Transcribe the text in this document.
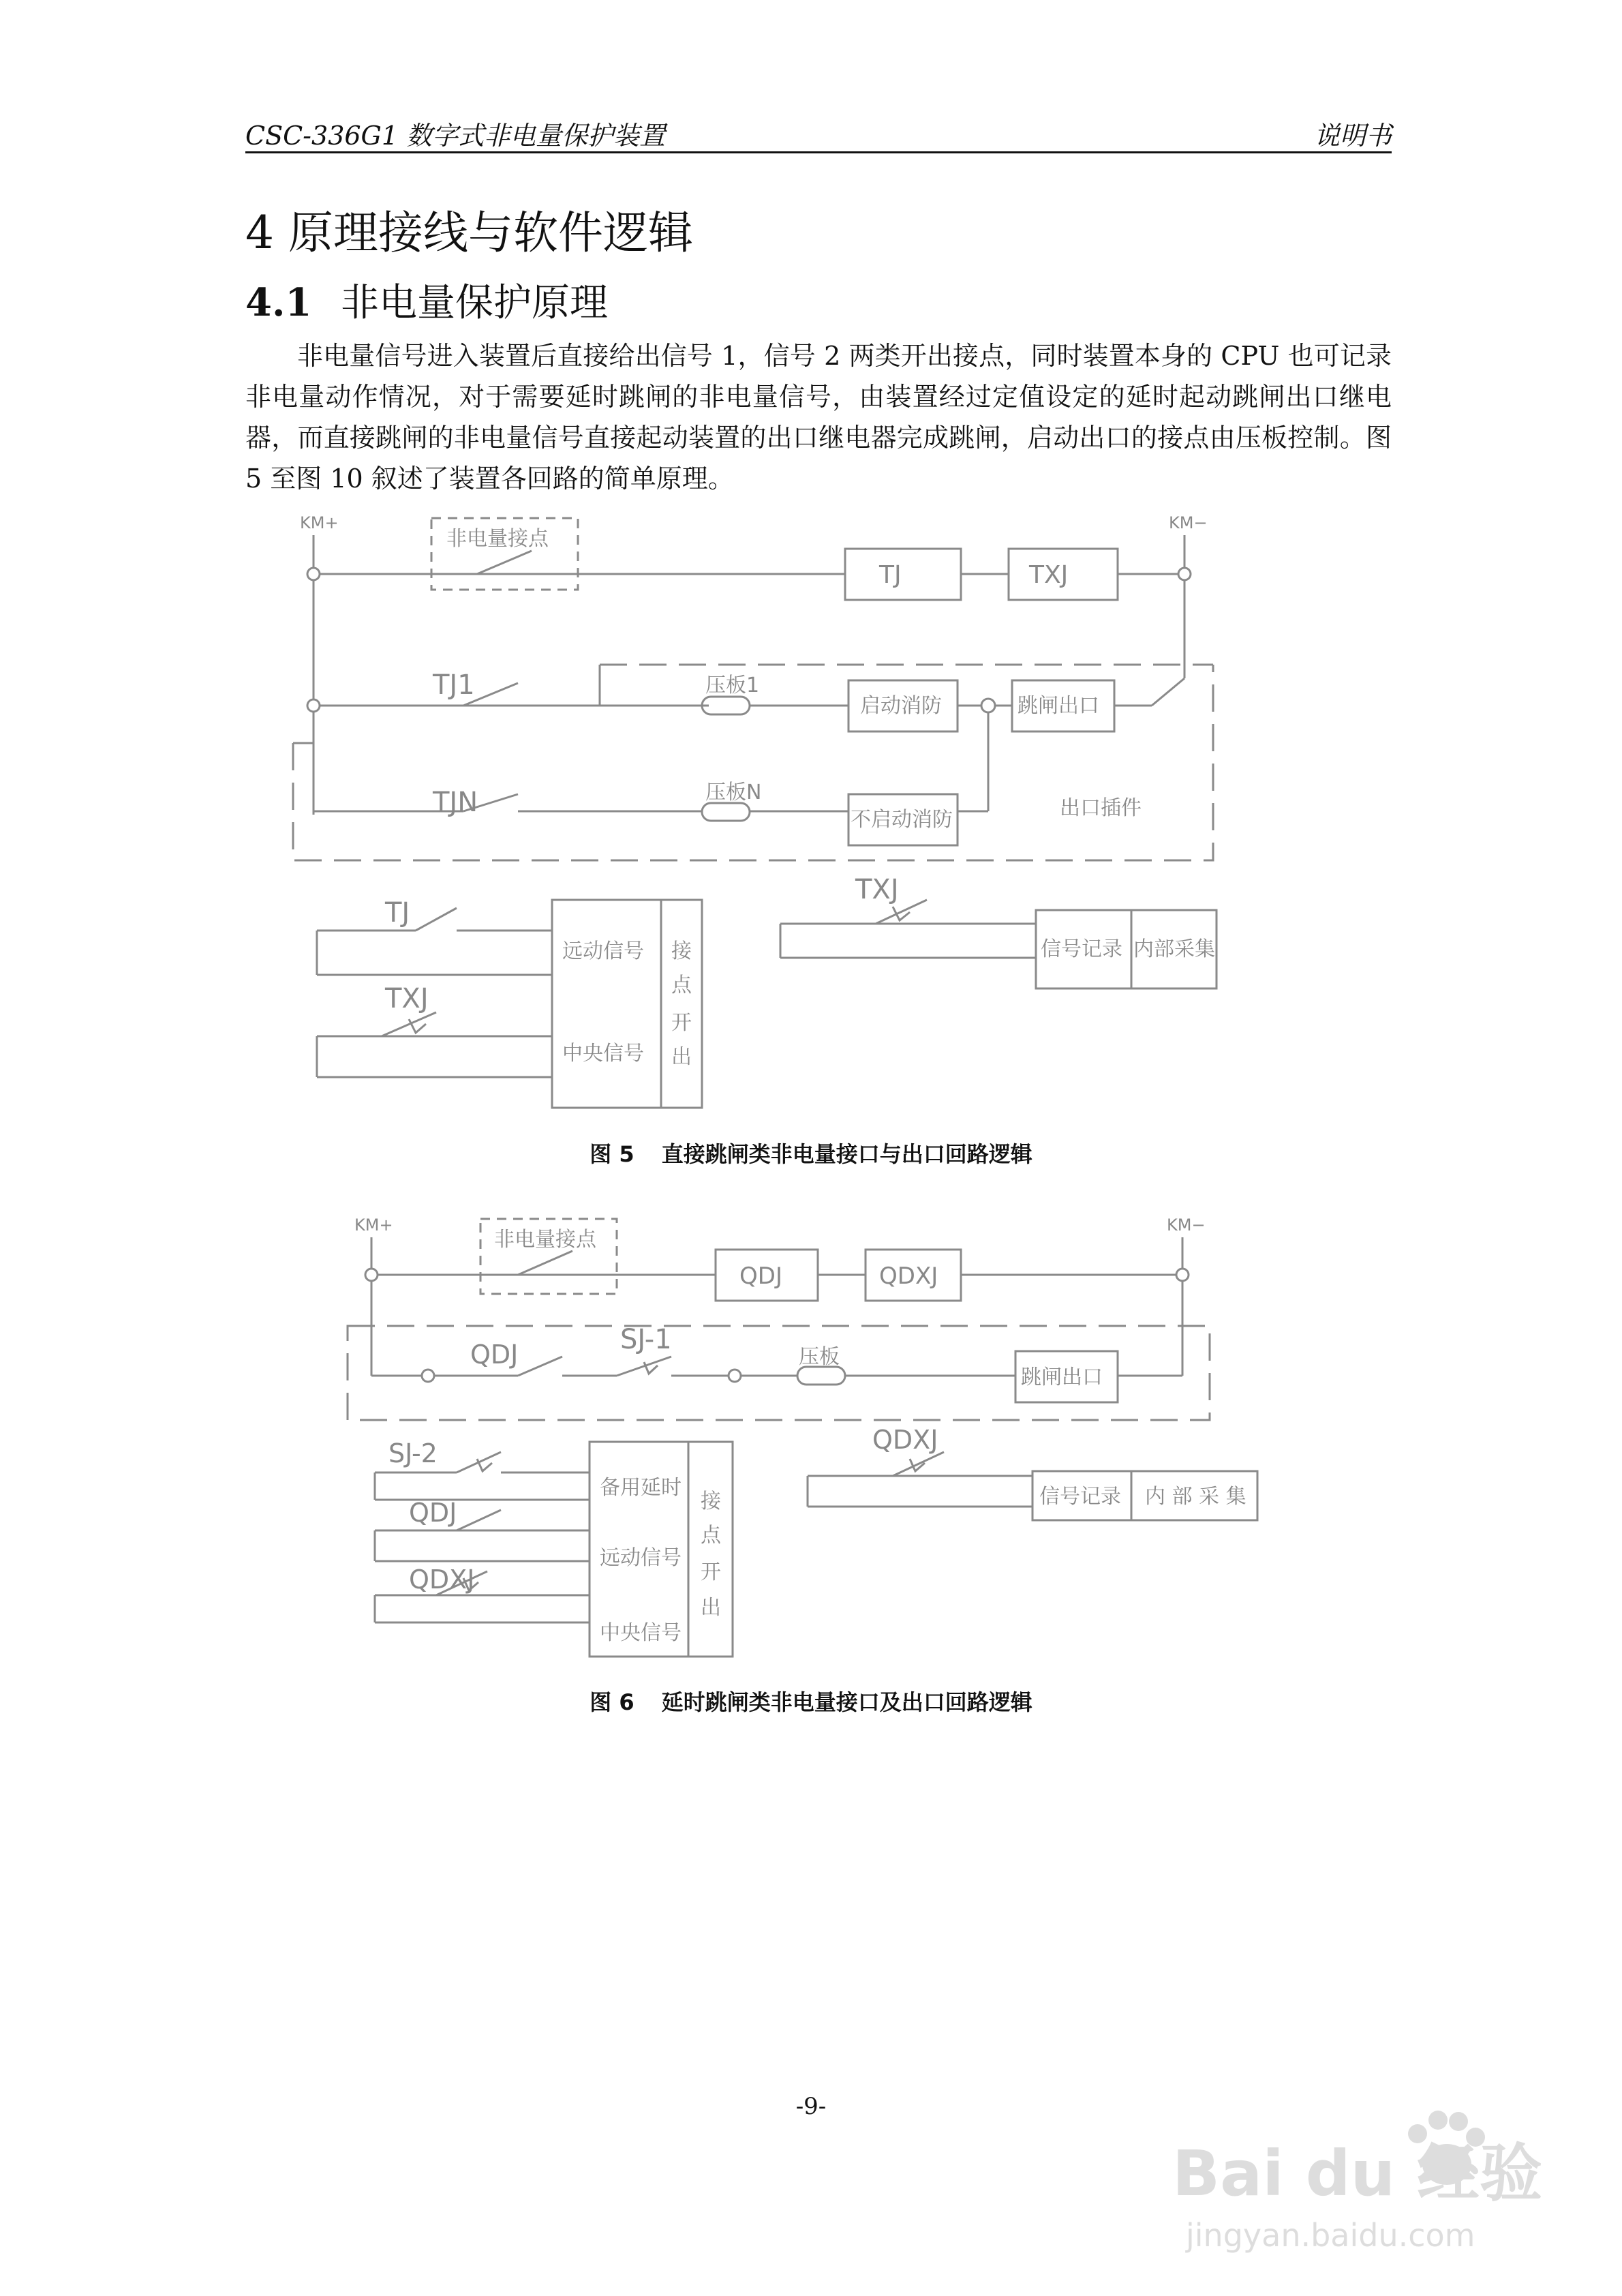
CSC-336G1 数字式非电量保护装置	说明书
4 原理接线与软件逻辑
4.1 非电量保护原理

非电量信号进入装置后直接给出信号 1，信号 2 两类开出接点，同时装置本身的 CPU 也可记录非电量动作情况，对于需要延时跳闸的非电量信号，由装置经过定值设定的延时起动跳闸出口继电器，而直接跳闸的非电量信号直接起动装置的出口继电器完成跳闸，启动出口的接点由压板控制。图 5 至图 10 叙述了装置各回路的简单原理。

KM+	KM−
非电量接点
TJ	TXJ
TJ1
TJN
压板1
压板N
启动消防
不启动消防
跳闸出口
出口插件
TJ
TXJ
TXJ
远动信号
中央信号
接
点
开
出
信号记录 内部采集
KM+	KM−
非电量接点
QDJ	QDXJ
QDJ	SJ-1
压板
跳闸出口
SJ-2
QDJ
QDXJ
QDXJ
备用延时
远动信号
中央信号
接
点
开
出
信号记录 内 部 采 集
图 5 直接跳闸类非电量接口与出口回路逻辑
图 6 延时跳闸类非电量接口及出口回路逻辑
-9-
Bai du 经验
jingyan.baidu.com
